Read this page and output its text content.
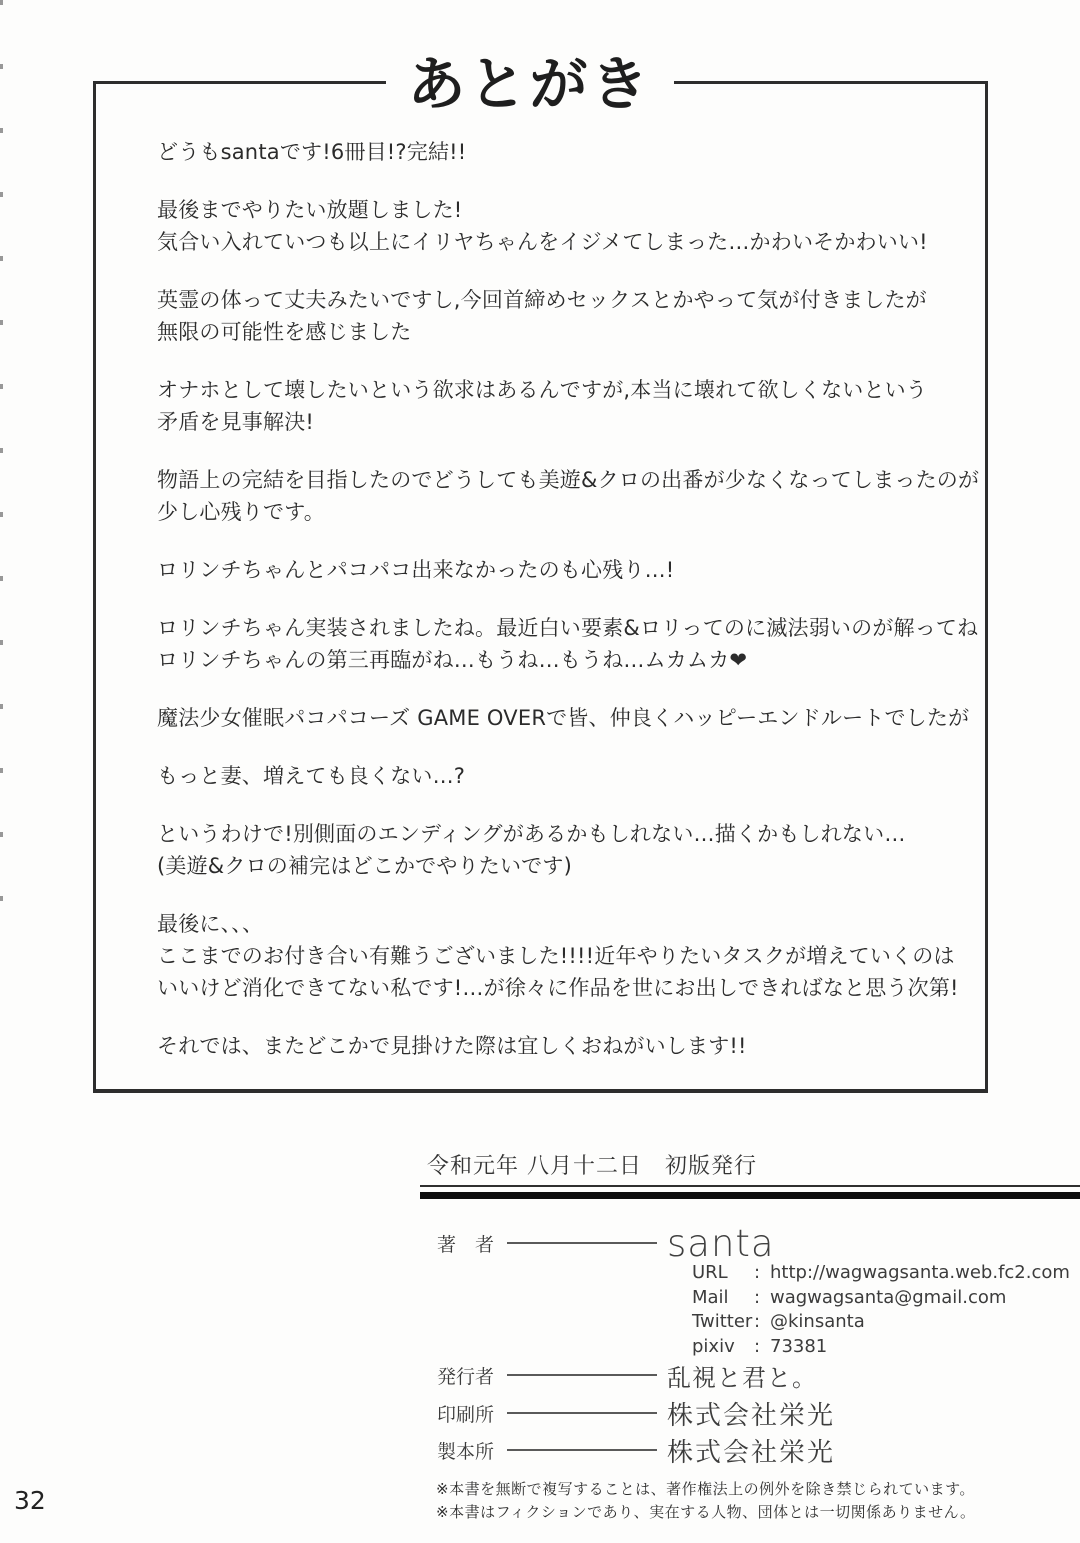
あとがき
どうもsantaです!6冊目!?完結!!
最後までやりたい放題しました!
気合い入れていつも以上にイリヤちゃんをイジメてしまった…かわいそかわいい!
英霊の体って丈夫みたいですし,今回首締めセックスとかやって気が付きましたが
無限の可能性を感じました
オナホとして壊したいという欲求はあるんですが,本当に壊れて欲しくないという
矛盾を見事解決!
物語上の完結を目指したのでどうしても美遊&クロの出番が少なくなってしまったのが
少し心残りです。
ロリンチちゃんとパコパコ出来なかったのも心残り…!
ロリンチちゃん実装されましたね。最近白い要素&ロリってのに滅法弱いのが解ってね
ロリンチちゃんの第三再臨がね…もうね…もうね…ムカムカ❤
魔法少女催眠パコパコーズ GAME OVERで皆、仲良くハッピーエンドルートでしたが
もっと妻、増えても良くない…?
というわけで!別側面のエンディングがあるかもしれない…描くかもしれない…
(美遊&クロの補完はどこかでやりたいです)
最後に、、、
ここまでのお付き合い有難うございました!!!!近年やりたいタスクが増えていくのは
いいけど消化できてない私です!…が徐々に作品を世にお出しできればなと思う次第!
それでは、またどこかで見掛けた際は宜しくおねがいします!!
令和元年 八月十二日　初版発行
著　者	santa
URL	: http://wagwagsanta.web.fc2.com
Mail	: wagwagsanta@gmail.com
Twitter : @kinsanta
pixiv	: 73381
発行者	乱視と君と。
印刷所	株式会社栄光
製本所	株式会社栄光
※本書を無断で複写することは、著作権法上の例外を除き禁じられています。
※本書はフィクションであり、実在する人物、団体とは一切関係ありません。
32
